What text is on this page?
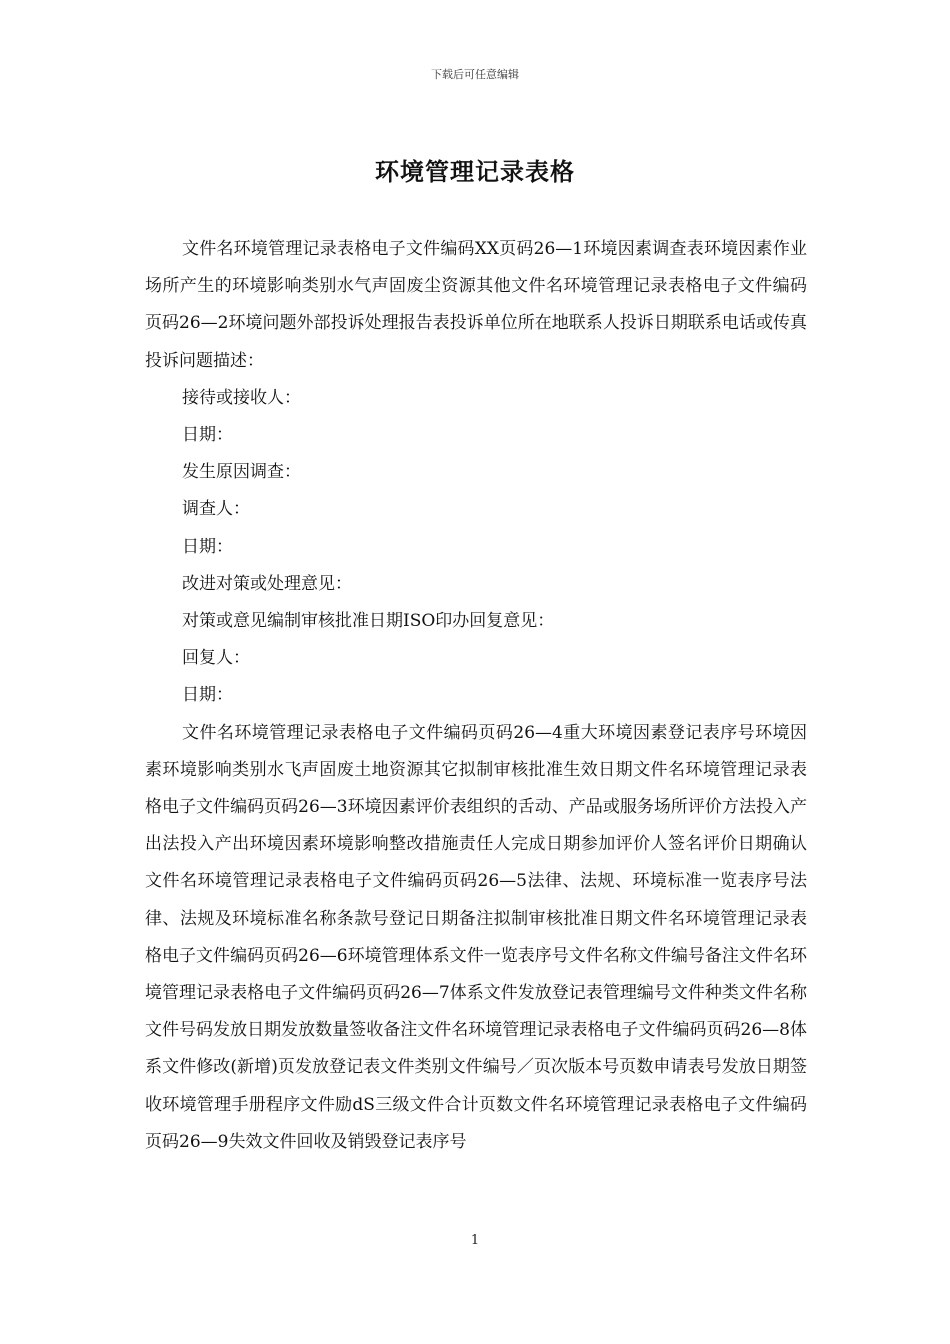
下载后可任意编辑
环境管理记录表格

文件名环境管理记录表格电子文件编码XX页码26—1环境因素调查表环境因素作业场所产生的环境影响类别水气声固废尘资源其他文件名环境管理记录表格电子文件编码页码26—2环境问题外部投诉处理报告表投诉单位所在地联系人投诉日期联系电话或传真投诉问题描述：

接待或接收人：

日期：

发生原因调查：

调查人：

日期：

改进对策或处理意见：

对策或意见编制审核批准日期ISO印办回复意见：

回复人：

日期：

文件名环境管理记录表格电子文件编码页码26—4重大环境因素登记表序号环境因素环境影响类别水飞声固废土地资源其它拟制审核批准生效日期文件名环境管理记录表格电子文件编码页码26—3环境因素评价表组织的舌动、产品或服务场所评价方法投入产出法投入产出环境因素环境影响整改措施责任人完成日期参加评价人签名评价日期确认文件名环境管理记录表格电子文件编码页码26—5法律、法规、环境标准一览表序号法律、法规及环境标准名称条款号登记日期备注拟制审核批准日期文件名环境管理记录表格电子文件编码页码26—6环境管理体系文件一览表序号文件名称文件编号备注文件名环境管理记录表格电子文件编码页码26—7体系文件发放登记表管理编号文件种类文件名称文件号码发放日期发放数量签收备注文件名环境管理记录表格电子文件编码页码26—8体系文件修改(新增)页发放登记表文件类别文件编号／页次版本号页数申请表号发放日期签收环境管理手册程序文件励dS三级文件合计页数文件名环境管理记录表格电子文件编码页码26—9失效文件回收及销毁登记表序号

1
